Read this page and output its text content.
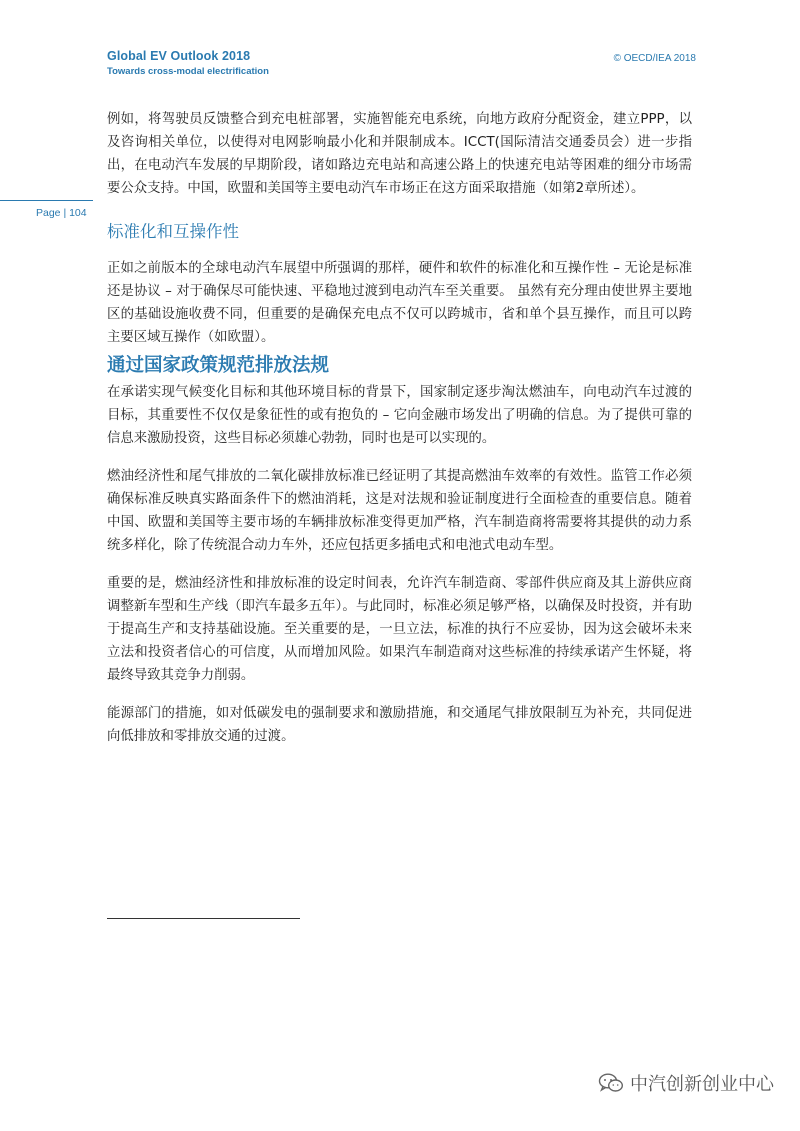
Global EV Outlook 2018
Towards cross-modal electrification
© OECD/IEA 2018
Page | 104

例如，将驾驶员反馈整合到充电桩部署，实施智能充电系统，向地方政府分配资金，建立PPP，以及咨询相关单位，以使得对电网影响最小化和并限制成本。ICCT(国际清洁交通委员会）进一步指出，在电动汽车发展的早期阶段，诸如路边充电站和高速公路上的快速充电站等困难的细分市场需要公众支持。中国，欧盟和美国等主要电动汽车市场正在这方面采取措施（如第2章所述）。

标准化和互操作性

正如之前版本的全球电动汽车展望中所强调的那样，硬件和软件的标准化和互操作性 – 无论是标准还是协议 – 对于确保尽可能快速、平稳地过渡到电动汽车至关重要。 虽然有充分理由使世界主要地区的基础设施收费不同，但重要的是确保充电点不仅可以跨城市，省和单个县互操作，而且可以跨主要区域互操作（如欧盟）。

通过国家政策规范排放法规

在承诺实现气候变化目标和其他环境目标的背景下，国家制定逐步淘汰燃油车，向电动汽车过渡的目标，其重要性不仅仅是象征性的或有抱负的 – 它向金融市场发出了明确的信息。为了提供可靠的信息来激励投资，这些目标必须雄心勃勃，同时也是可以实现的。

燃油经济性和尾气排放的二氧化碳排放标准已经证明了其提高燃油车效率的有效性。监管工作必须确保标准反映真实路面条件下的燃油消耗，这是对法规和验证制度进行全面检查的重要信息。随着中国、欧盟和美国等主要市场的车辆排放标准变得更加严格，汽车制造商将需要将其提供的动力系统多样化，除了传统混合动力车外，还应包括更多插电式和电池式电动车型。

重要的是，燃油经济性和排放标准的设定时间表，允许汽车制造商、零部件供应商及其上游供应商调整新车型和生产线（即汽车最多五年）。与此同时，标准必须足够严格，以确保及时投资，并有助于提高生产和支持基础设施。至关重要的是，一旦立法，标准的执行不应妥协，因为这会破坏未来立法和投资者信心的可信度，从而增加风险。如果汽车制造商对这些标准的持续承诺产生怀疑，将最终导致其竞争力削弱。

能源部门的措施，如对低碳发电的强制要求和激励措施，和交通尾气排放限制互为补充，共同促进向低排放和零排放交通的过渡。

中汽创新创业中心
